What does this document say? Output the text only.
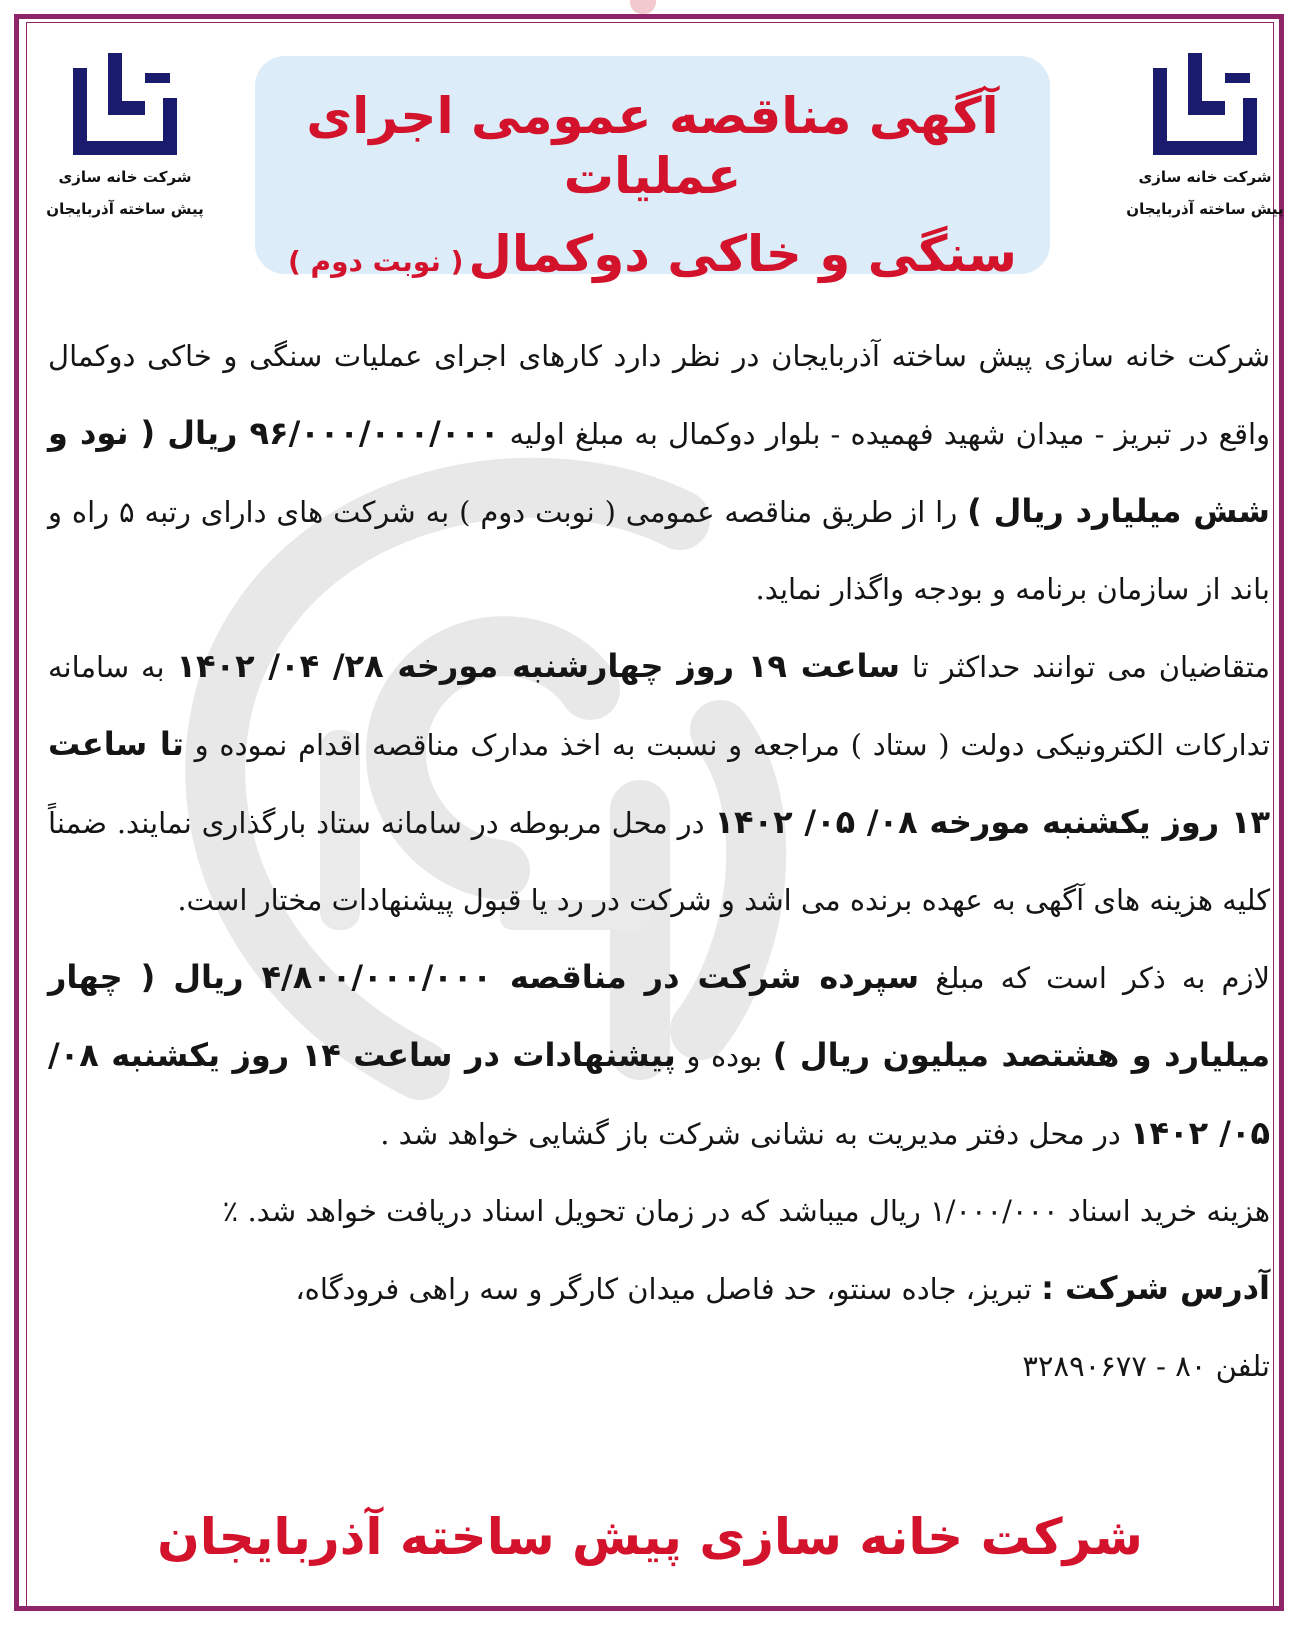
شرکت خانه سازی
پیش ساخته آذربایجان
شرکت خانه سازی
پیش ساخته آذربایجان
آگهی مناقصه عمومی اجرای عملیات
سنگی و خاکی دوکمال ( نوبت دوم )

شرکت خانه سازی پیش ساخته آذربایجان در نظر دارد کارهای اجرای عملیات سنگی و خاکی دوکمال واقع در تبریز - میدان شهید فهمیده - بلوار دوکمال به مبلغ اولیه ۹۶/۰۰۰/۰۰۰/۰۰۰ ریال ( نود و شش میلیارد ریال ) را از طریق مناقصه عمومی ( نوبت دوم ) به شرکت های دارای رتبه ۵ راه و باند از سازمان برنامه و بودجه واگذار نماید.

متقاضیان می توانند حداکثر تا ساعت ۱۹ روز چهارشنبه مورخه ۲۸/ ۰۴/ ۱۴۰۲ به سامانه تدارکات الکترونیکی دولت ( ستاد ) مراجعه و نسبت به اخذ مدارک مناقصه اقدام نموده و تا ساعت ۱۳ روز یکشنبه مورخه ۰۸/ ۰۵/ ۱۴۰۲ در محل مربوطه در سامانه ستاد بارگذاری نمایند. ضمناً کلیه هزینه های آگهی به عهده برنده می اشد و شرکت در رد یا قبول پیشنهادات مختار است.

لازم به ذکر است که مبلغ سپرده شرکت در مناقصه ۴/۸۰۰/۰۰۰/۰۰۰ ریال ( چهار میلیارد و هشتصد میلیون ریال ) بوده و پیشنهادات در ساعت ۱۴ روز یکشنبه ۰۸/ ۰۵/ ۱۴۰۲ در محل دفتر مدیریت به نشانی شرکت باز گشایی خواهد شد .

هزینه خرید اسناد ۱/۰۰۰/۰۰۰ ریال میباشد که در زمان تحویل اسناد دریافت خواهد شد. ٪

آدرس شرکت : تبریز، جاده سنتو، حد فاصل میدان کارگر و سه راهی فرودگاه،

تلفن ۸۰ - ۳۲۸۹۰۶۷۷

شرکت خانه سازی پیش ساخته آذربایجان
